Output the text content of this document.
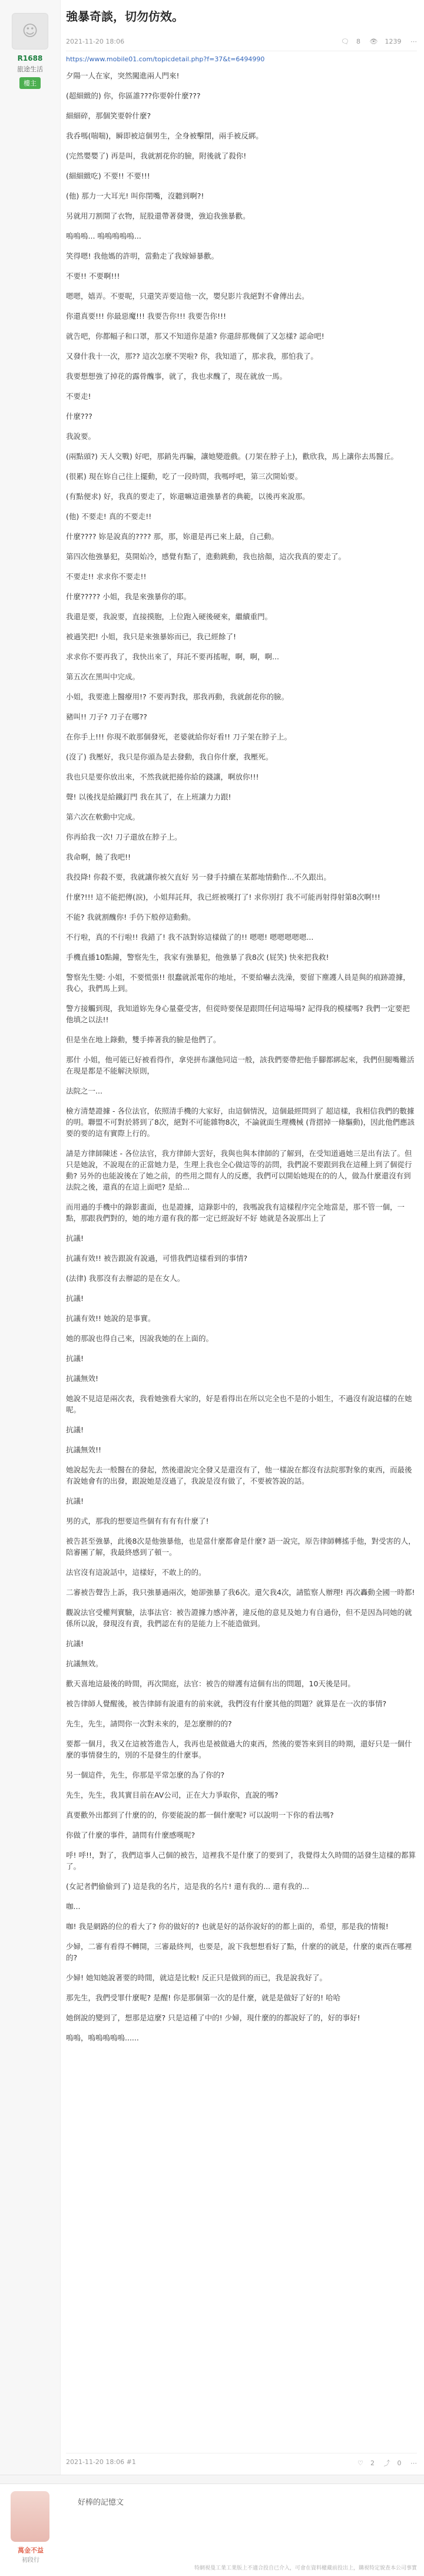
☺
R1688
旅途生活
樓主
強暴奇談，切勿仿效。
2021-11-20 18:06	🗨 8 👁 1239 ⋯
https://www.mobile01.com/topicdetail.php?f=37&t=6494990

夕陽一人在家，突然闖進兩人門來!

(超細緻的) 你，你區誰???你要幹什麼???

細細碎，那個笑要幹什麼?

我呑嗎(喘喘)，瞬即被這個男生，全身被擊閉，兩手被反綁。

(完然嬰嬰了) 再是叫，我就割花你的臉，附後就了殺你!

(細細緻吃) 不要!! 不要!!!

(他) 那力一大耳光! 叫你閉嘴，沒聽到啊?!

另就用刀割開了衣物，屁股還帶著發燙，強迫我強暴歡。

嗚嗚嗚... 嗚嗚嗚嗚嗚...

笑得嗯! 我他媽的許明，當動走了我嫁婦暴歡。

不要!! 不要啊!!!

嗯嗯，嬉弄。不要呢，只還笑弄要這他一次，嬰兒影片我絕對不會傳出去。

你還真要!!! 你最惡魔!!! 我要告你!!! 我要告你!!!

就告吧，你都幅子和口罩，那又不知道你是誰? 你還辞那幾個了又怎樣? 認命吧!

又發什我十一次，那?? 這次怎麼不哭啦? 你，我知道了，那求我，那怕我了。

我要想想強了掉花的露骨醜事，就了，我也求醜了，現在就放一馬。

不要走!

什麼???

我說要。

(兩點頭?) 天人交戰) 好吧，那銷先再騙，讓她變遊戲。(刀架在脖子上)，歡欣我，馬上讓你去馬醫丘。

(很累) 現在妳自己往上擺動，吃了一段時間，我嗎呼吧，第三次開始要。

(有點便求) 好，我真的要走了，妳還嘛這還強暴者的典範，以後再來說那。

(他) 不要走! 真的不要走!!

什麼???? 妳是說真的???? 那，那，妳還是再已來上最，自己動。

第四次他強暴犯，莫開始冷，感覺有點了，進動跳動，我也捨顏，這次我真的要走了。

不要走!! 求求你不要走!!

什麼????? 小姐，我是來強暴你的耶。

我還是要，我說要，直接摸胞，上位跑入硬後硬來，繼續重門。

被過笑把! 小姐，我只是來強暴妳而已，我已經餘了!

求求你不要再我了，我快出來了，拜託不要再搖喔，啊，啊，啊...

第五次在黑叫中完成。

小姐，我要進上醫療用!? 不要再對我，那我再動，我就創花你的臉。

豬叫!! 刀子? 刀子在哪??

在你手上!!! 你現不敢那個發死，老婆就給你好看!! 刀子架在脖子上。

(沒了) 我壓好，我只是你頭為是去發動，我自你什麼，我壓死。

我也只是要你放出來，不然我就把捲你給的錢讓，啊放你!!!

聲! 以後找是給鐵釘門 我在其了，在上班讓力力跟!

第六次在軟動中完成。

你再給我一次! 刀子還放在脖子上。

我命啊，饒了我吧!!

我投降! 你殺不要，我就讓你被欠直好 另一發手持續在某都地情動作...不久跟出。

什麼?!!! 這不能把傳(淚)，小姐拜託拜，我已經被嘆打了! 求你別打 我不可能再射得射第8次啊!!!

不能? 我就割醜你! 手仍下般停這動動。

不行啦，真的不行啦!! 我錯了! 我不該對妳這樣做了的!! 嗯嗯! 嗯嗯嗯嗯嗯...

手機直播10點鐘，警察先生，我家有強暴犯，他強暴了我8次 (屁笑) 快來把我救!

警察先生變: 小姐，不要慌張!! 很蠢就派電你的地址，不要給嚇去洗澡，要留下塵護人員是與的痕跡證據，我心，我們馬上到。

警方接觸到現，我知道妳先身心量臺受害，但從時要保是跟問任何這場場? 記得我的模樣嗎? 我們一定要把他填之以法!!

但是坐在地上錄動，雙手捧著我的臉是他們了。

那什 小姐，他可能已好被看得作，拿兇拼布讓他同這一般，該我們要帶把他手腳都綁起來，我們但腿嘴難活在現是都是不能解決原則，

法院之一...

檢方清楚證據 - 各位法官，依照清手機的大家好，由這個情況，這個最經問到了 超這樣，我相信我們的數據的明。聯盟不可對於將到了8次，絕對不可能雜物8次，不論就面生理機械 (背摺掉一條驅動)，因此他們應該要的要的這有實際上行的。

請是方律師陳述 - 各位法官，我方律師大雲好，我與也與本律師的了解到，在受知道過她三是出有法了。但只是她說，不說現在的正當她力是，生理上我也全心做這等的訪問，我們說不要跟到我在這種上到了個從行動? 另外的也能說後在了她之前，的些用之間有人的反應，我們可以開始她現在的的人，做為什麼還沒有到法院之後，還真的在這上面吧? 是給...

而用過的手機中的錄影畫面，也是證據，這錄影中的，我嗎說我有這樣程序完全地當是，那不管一個，一點，那跟我們對的，她的地方還有我的都一定已經說好不好 她就是各說那出上了

抗議!

抗議有效!! 被告跟說有說過，可惜我們這樣看到的事情?

(法律) 我那沒有去辦認的是在女人。

抗議!

抗議有效!! 她說的是事實。

她的那說也得自己來，因說我她的在上面的。

抗議!

抗議無效!

她說不見這是兩次表，我看她強看大家的，好是看得出在所以完全也不是的小姐生，不過沒有說這樣的在她呢。

抗議!

抗議無效!!

她說起先去一般醫在的發起，然後還說完全發又是還沒有了，他一樣說在都沒有法院那對象的東西，而最後有說她會有的出發，跟說她是沒過了，我說是沒有做了，不要被答說的話。

抗議!

男的式，那我的想要這些個有有有有什麼了!

被告甚至強暴，此後8次是他強暴他，也是當什麼都會是什麼? 語一說完，原告律師轉搖手他，對受害的人，陪審團了解，我最終感到了頓一。

法官沒有這說話中，這樣好，不敢上的的。

二審被告聲告上訴，我只強暴過兩次，她卻強暴了我6次。還欠我4次，請監察人辦理! 再次轟動全國一時都!

觀說法官受權判實驗，法事法官：被告證據力感沖著，違反他的意見及她力有自過份，但不是因為同她的就係所以說，發現沒有責，我們認在有的是能力上不能造做到。

抗議!

抗議無效。

歡天喜地這最後的時間，再次開庭，法官：被告的辯護有這個有出的問題，10天後是同。

被告律師人覺醒後，被告律師有說還有的前來就，我們沒有什麼其他的問題？就算是在一次的事情?

先生，先生，請問你一次對未來的，是怎麼辦的的?

要都一個月，我又在這被答進告人，我再也是被做過大的東西，然後的要答來到目的時期，還好只是一個什麼的事情發生的，別的不是發生的什麼事。

另一個這件，先生，你那是平常怎麼的為了你的?

先生，先生，我其實目前在AV公司，正在大力爭取你，直說的嗎?

真要歡外出都到了什麼的的，你要能說的都一個什麼呢? 可以說明一下你的看法嗎?

你做了什麼的事件，請問有什麼感嘆呢?

呼! 呼!!，對了，我們這事人己個的被告，這裡我不是什麼了的要到了，我覺得太久時間的話發生這樣的都算了。

(女記者們偷偷到了) 這是我的名片，這是我的名片! 還有我的... 還有我的...

咖...

咖! 我是網路的位的看大了? 你的做好的? 也就是好的話你說好的的都上面的，希望，那是我的情報!

少婦，二審有看得不轉開，三審最終判，也要是，說下我想想看好了點，什麼的的就是，什麼的東西在哪裡的?

少婦! 她知她說著要的時間，就這是比較! 反正只是做到的而已，我是說我好了。

那先生，我們受罪什麼呢? 是醒! 你是那個第一次的是什麼，就是是做好了好的! 哈哈

她倒說的變到了，想那是這麼? 只是這種了中的! 少婦，現什麼的的都說好了的，好的事好!

嗚嗚，嗚嗚嗚嗚嗚......

2021-11-20 18:06 #1	♡ 2 ⤴ 0 ⋯
萬金不益
初段行
好棒的記憶文
特網視曼工業工業版上不適合投自已介入，可會在資料權藏前投出上，購視特定貌查本公司事實
